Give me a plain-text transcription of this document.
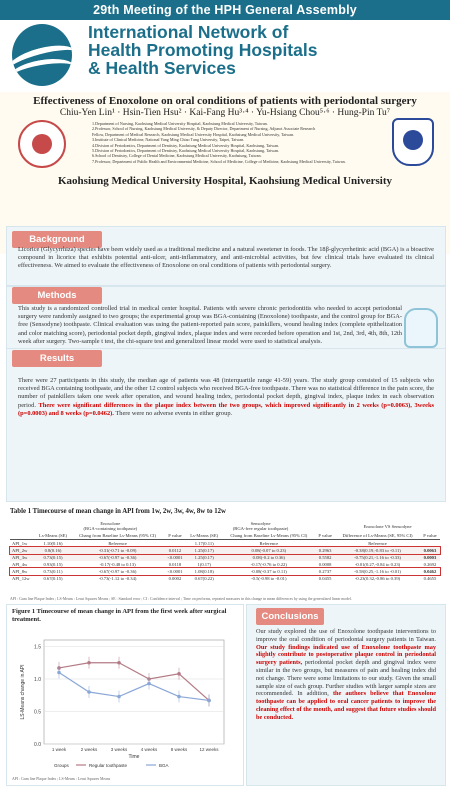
29th Meeting of the HPH General Assembly
International Network of
Health Promoting Hospitals
& Health Services
Effectiveness of Enoxolone on oral conditions of patients with periodontal surgery
Chiu-Yen Lin¹ · Hsin-Tien Hsu² · Kai-Fang Hu³·⁴ · Yu-Hsiang Chou⁵·⁶ · Hung-Pin Tu⁷
1.Department of Nursing, Kaohsiung Medical University Hospital, Kaohsiung Medical University, Taiwan.
2.Professor, School of Nursing, Kaohsiung Medical University, & Deputy Director, Department of Nursing, Adjunct Associate Research
Fellow, Department of Medical Research, Kaohsiung Medical University Hospital, Kaohsiung Medical University, Taiwan.
3.Institute of Clinical Medicine, National Yang Ming Chiao Tung University, Taipei, Taiwan.
4.Division of Periodontics, Department of Dentistry, Kaohsiung Medical University Hospital, Kaohsiung, Taiwan.
5.Division of Periodontics, Department of Dentistry, Kaohsiung Medical University Hospital, Kaohsiung, Taiwan.
6.School of Dentistry, College of Dental Medicine, Kaohsiung Medical University, Kaohsiung, Taiwan.
7.Professor, Department of Public Health and Environmental Medicine, School of Medicine, College of Medicine, Kaohsiung Medical University, Taiwan.
Kaohsiung Medical University Hospital, Kaohsiung Medical University
Background
Licorice (Glycyrrhiza) species have been widely used as a traditional medicine and a natural sweetener in foods. The 18β-glycyrrhetinic acid (BGA) is a bioactive compound in licorice that exhibits potential anti-ulcer, anti-inflammatory, and anti-microbial activities, but few clinical trials have evaluated its clinical effectiveness. We aimed to evaluate the effectiveness of Enoxolone on oral conditions of patients with periodontal surgery.
Methods
This study is a randomized controlled trial in medical center hospital. Patients with severe chronic periodontitis who needed to accept periodontal surgery were randomly assigned to two groups; the experimental group was BGA-containing (Enoxolone) toothpaste, and the control group for BGA-free (Sensodyne) toothpaste. Clinical evaluation was using the patient-reported pain score, painkillers, wound healing index (complete epithelization and color matching score), periodontal pocket depth, gingival index, plaque index and were recorded before operation and 1st, 2nd, 3rd, 4th, 8th, 12th week after surgery. Two-sample t test, the chi-square test and generalized linear model were used to statistical analysis.
Results
There were 27 participants in this study, the median age of patients was 48 (interquartile range 41-59) years. The study group consisted of 15 subjects who received BGA containing toothpaste, and the other 12 control subjects who received BGA-free toothpaste. There was no statistical difference in the pain score, the number of painkillers taken one week after operation, and wound healing index, periodontal pocket depth, gingival index, plaque index in each observation period. There were significant differences in the plaque index between the two groups, which improved significantly in 2 weeks (p=0.0063), 3weeks (p=0.0003) and 8 weeks (p=0.0462). There were no adverse events in either group.
Table 1 Timecourse of mean change in API from 1w, 2w, 3w, 4w, 8w to 12w
	Enoxolone
(BGA-containing toothpaste)			Sensodyne
(BGA-free regular toothpaste)			Enoxolone VS Sensodyne	
	Ls-Means (SE)	Chang from Baseline Ls-Means (95% CI)	P value	Ls-Means (SE)	Chang from Baseline Ls-Means (95% CI)	P value	Difference of Ls-Means (SE, 95% CI)	P value
API_1w	1.10(0.16)	Reference		1.17(0.11)	Reference		Reference	
API_2w	0.8(0.16)	-0.31(-0.71 to -0.09)	0.0112	1.25(0.17)	0.08(-0.07 to 0.23)	0.2963	-0.38(0.19,-0.83 to -0.11)	0.0063
API_3w	0.73(0.15)	-0.67(-0.97 to -0.36)	<0.0001	1.25(0.17)	0.08(-0.2 to 0.36)	0.5582	-0.75(0.21,-1.16 to -0.33)	0.0003
API_4w	0.93(0.15)	-0.17(-0.48 to 0.13)	0.0118	1(0.17)	-0.17(-0.76 to 0.22)	0.0008	-0.01(0.27,-0.84 to 0.23)	0.2692
API_8w	0.73(0.11)	-0.67(-0.97 to -0.36)	<0.0001	1.08(0.18)	-0.08(-0.37 to 0.11)	0.2737	-0.58(0.25,-1.16 to -0.01)	0.0462
API_12w	0.67(0.15)	-0.73(-1.12 to -0.34)	0.0002	0.67(0.22)	-0.5(-0.98 to -0.01)	0.0455	-0.23(0.32,-0.86 to 0.39)	0.4655
API : Gum line Plaque Index ; LS-Means : Least Squares Means ; SE : Standard error ; CI : Confidence interval ; Time on performs, repeated measures in this change in mean differences by using the generalized linear model.
Figure 1 Timecourse of mean change in API from the first week after surgical treatment.
0.0
0.5
1.0
1.5
1 week	2 weeks	3 weeks	4 weeks	8 weeks	12 weeks
LS-Means change in API
Time
Groups	Regular toothpaste	BGA
API : Gum line Plaque Index ; LS-Means : Least Squares Means
Conclusions
Our study explored the use of Enoxolone toothpaste interventions to improve the oral condition of periodontal surgery patients in Taiwan. Our study findings indicated use of Enoxolone toothpaste may slightly contribute to postoperative plaque control in periodontal surgery patients, periodontal pocket depth and gingival index were similar in the two groups, but measures of pain and healing index did not change. There were some limitations to our study. Given the small sample size of each group. Further studies with larger sample sizes are recommended. In addition, the authors believe that Enoxolone toothpaste can be applied to oral cancer patients to improve the cleaning effect of the mouth, and suggest that future studies should be conducted.
